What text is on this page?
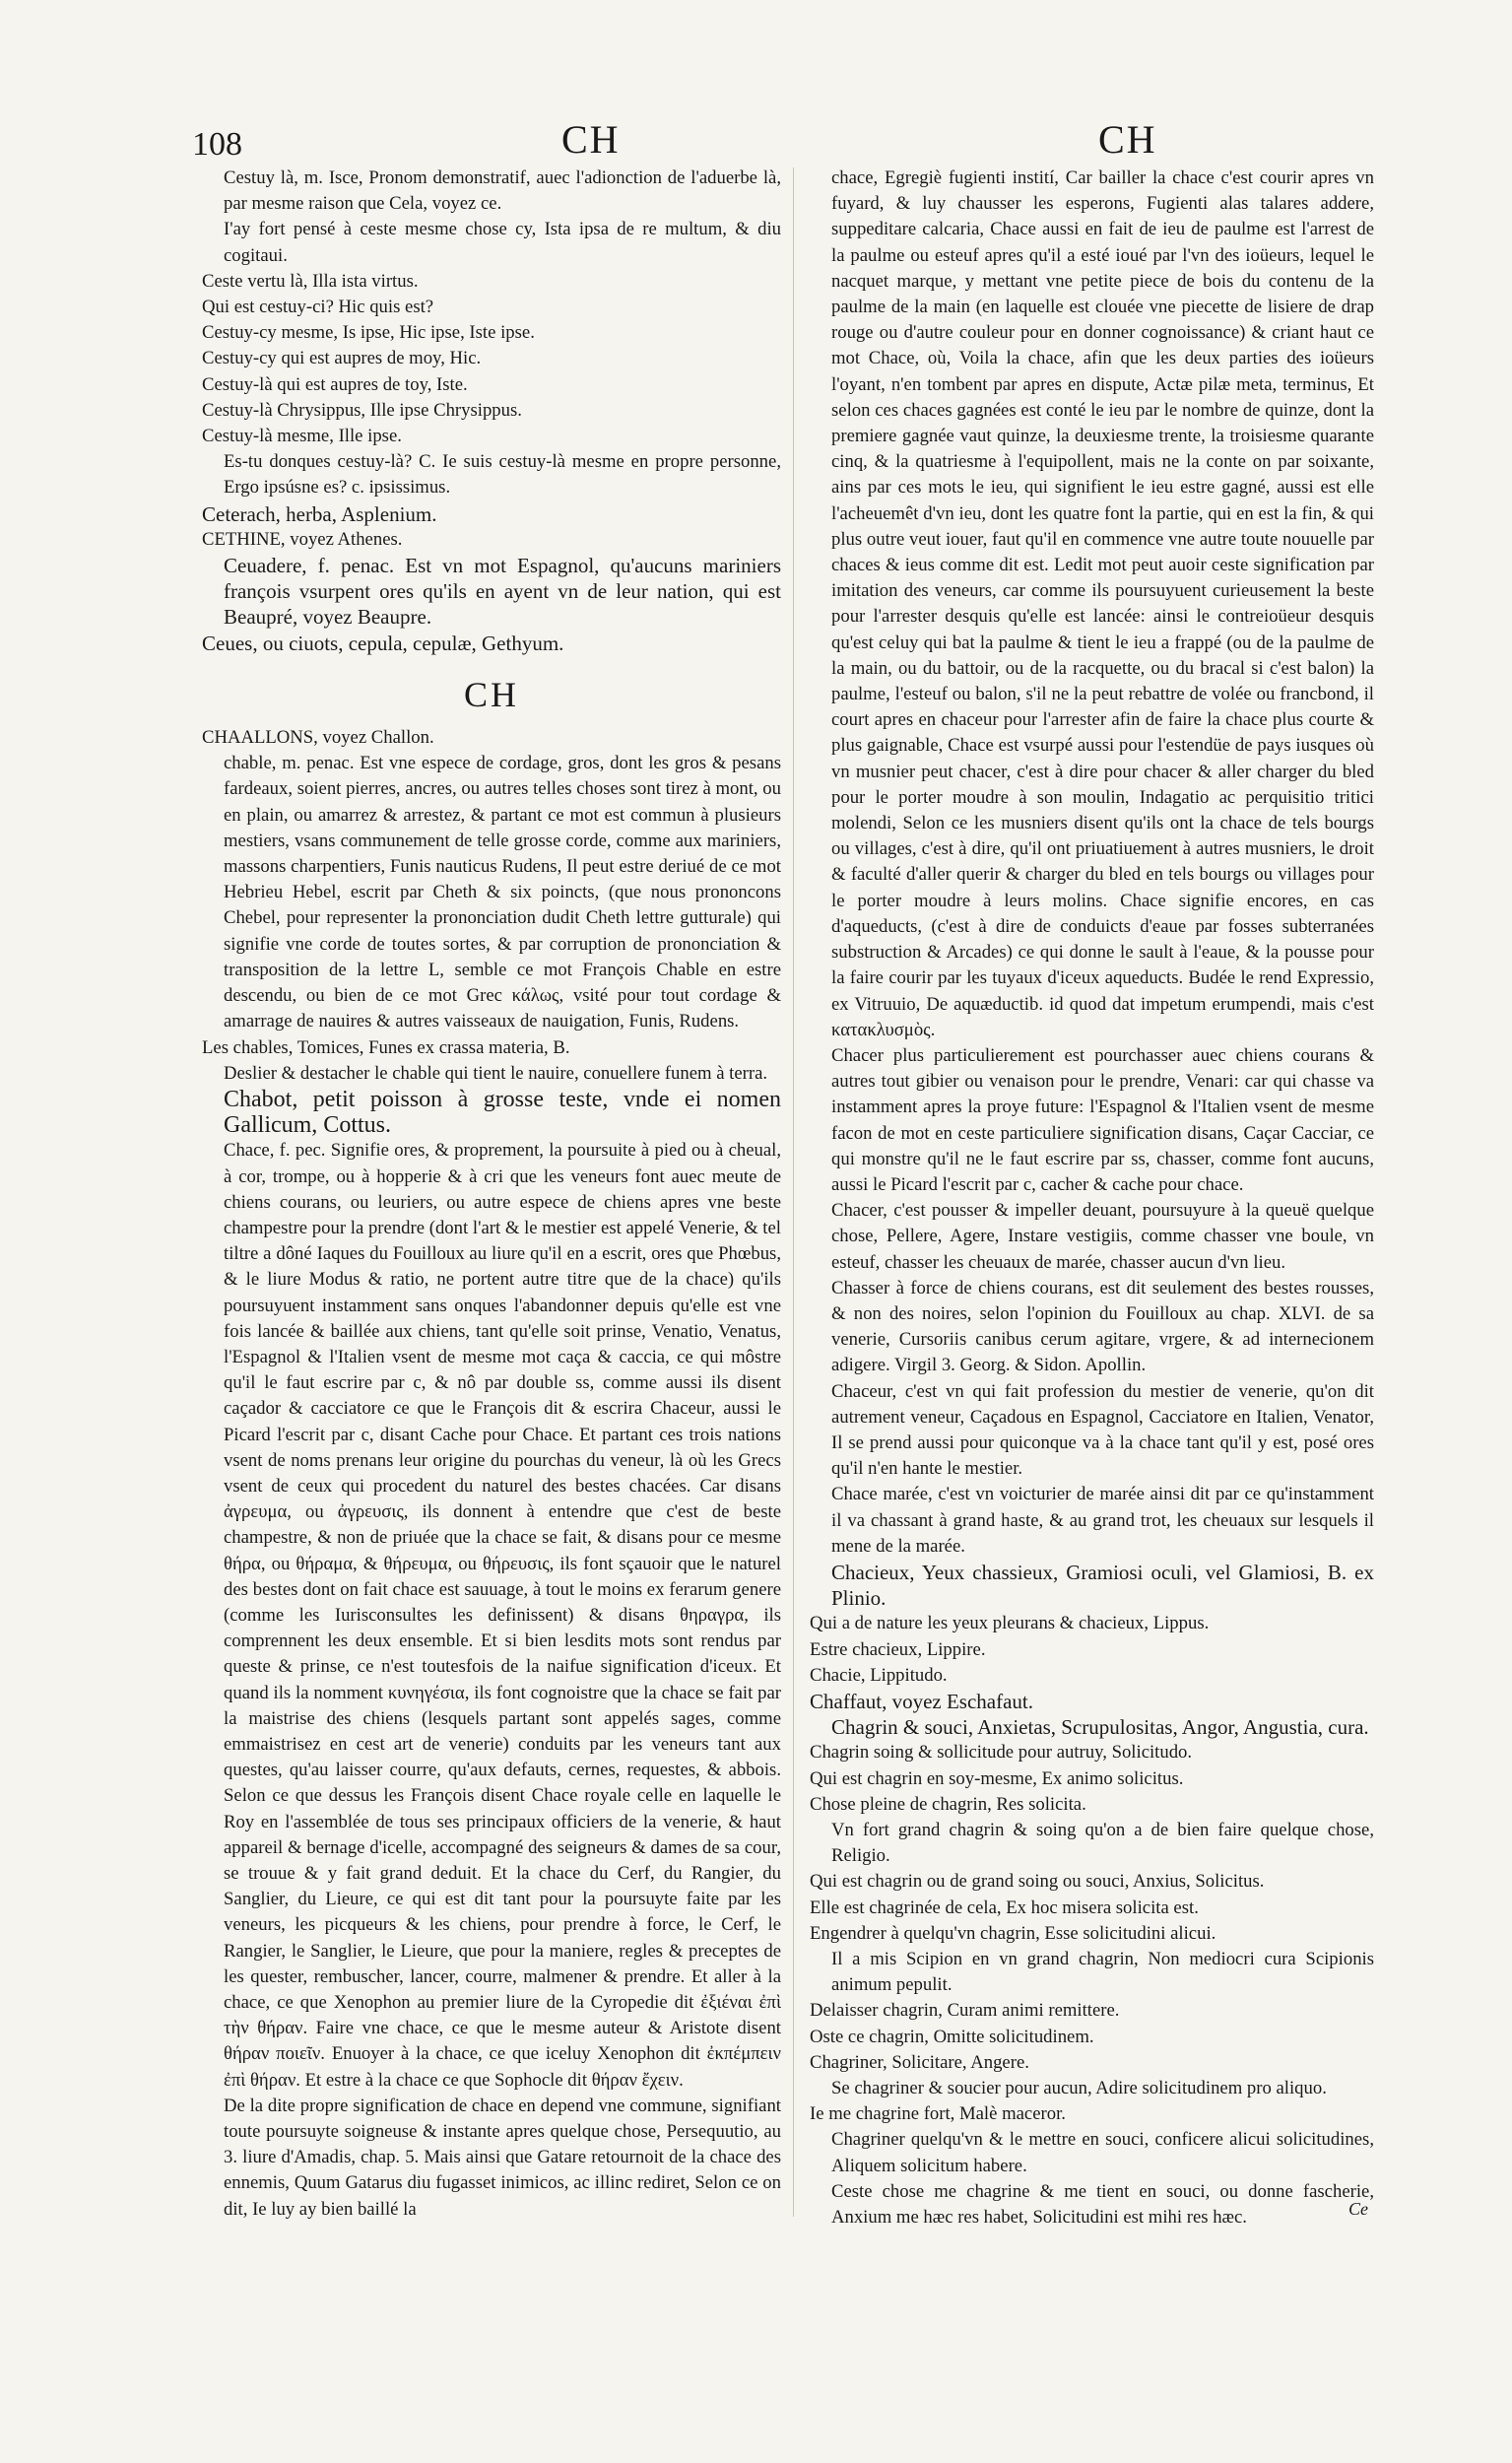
108	CH	CH

Cestuy là, m. Isce, Pronom demonstratif, auec l'adionction de l'aduerbe là, par mesme raison que Cela, voyez ce.

I'ay fort pensé à ceste mesme chose cy, Ista ipsa de re multum, & diu cogitaui.

Ceste vertu là, Illa ista virtus.

Qui est cestuy-ci? Hic quis est?

Cestuy-cy mesme, Is ipse, Hic ipse, Iste ipse.

Cestuy-cy qui est aupres de moy, Hic.

Cestuy-là qui est aupres de toy, Iste.

Cestuy-là Chrysippus, Ille ipse Chrysippus.

Cestuy-là mesme, Ille ipse.

Es-tu donques cestuy-là? C. Ie suis cestuy-là mesme en propre personne, Ergo ipsúsne es? c. ipsissimus.

Ceterach, herba, Asplenium.

CETHINE, voyez Athenes.

Ceuadere, f. penac. Est vn mot Espagnol, qu'aucuns mariniers françois vsurpent ores qu'ils en ayent vn de leur nation, qui est Beaupré, voyez Beaupre.

Ceues, ou ciuots, cepula, cepulæ, Gethyum.

CH

CHAALLONS, voyez Challon.

chable, m. penac. Est vne espece de cordage, gros, dont les gros & pesans fardeaux, soient pierres, ancres, ou autres telles choses sont tirez à mont, ou en plain, ou amarrez & arrestez, & partant ce mot est commun à plusieurs mestiers, vsans communement de telle grosse corde, comme aux mariniers, massons charpentiers, Funis nauticus Rudens, Il peut estre deriué de ce mot Hebrieu Hebel, escrit par Cheth & six poincts, (que nous prononcons Chebel, pour representer la prononciation dudit Cheth lettre gutturale) qui signifie vne corde de toutes sortes, & par corruption de prononciation & transposition de la lettre L, semble ce mot François Chable en estre descendu, ou bien de ce mot Grec κάλως, vsité pour tout cordage & amarrage de nauires & autres vaisseaux de nauigation, Funis, Rudens.

Les chables, Tomices, Funes ex crassa materia, B.

Deslier & destacher le chable qui tient le nauire, conuellere funem à terra.

Chabot, petit poisson à grosse teste, vnde ei nomen Gallicum, Cottus.

Chace, f. pec. Signifie ores, & proprement, la poursuite à pied ou à cheual, à cor, trompe, ou à hopperie & à cri que les veneurs font auec meute de chiens courans, ou leuriers, ou autre espece de chiens apres vne beste champestre pour la prendre (dont l'art & le mestier est appelé Venerie, & tel tiltre a dôné Iaques du Fouilloux au liure qu'il en a escrit, ores que Phœbus, & le liure Modus & ratio, ne portent autre titre que de la chace) qu'ils poursuyuent instamment sans onques l'abandonner depuis qu'elle est vne fois lancée & baillée aux chiens, tant qu'elle soit prinse, Venatio, Venatus, l'Espagnol & l'Italien vsent de mesme mot caça & caccia, ce qui môstre qu'il le faut escrire par c, & nô par double ss, comme aussi ils disent caçador & cacciatore ce que le François dit & escrira Chaceur, aussi le Picard l'escrit par c, disant Cache pour Chace. Et partant ces trois nations vsent de noms prenans leur origine du pourchas du veneur, là où les Grecs vsent de ceux qui procedent du naturel des bestes chacées. Car disans ἀγρευμα, ou ἀγρευσις, ils donnent à entendre que c'est de beste champestre, & non de priuée que la chace se fait, & disans pour ce mesme θήρα, ou θήραμα, & θήρευμα, ou θήρευσις, ils font sçauoir que le naturel des bestes dont on fait chace est sauuage, à tout le moins ex ferarum genere (comme les Iurisconsultes les definissent) & disans θηραγρα, ils comprennent les deux ensemble. Et si bien lesdits mots sont rendus par queste & prinse, ce n'est toutesfois de la naifue signification d'iceux. Et quand ils la nomment κυνηγέσια, ils font cognoistre que la chace se fait par la maistrise des chiens (lesquels partant sont appelés sages, comme emmaistrisez en cest art de venerie) conduits par les veneurs tant aux questes, qu'au laisser courre, qu'aux defauts, cernes, requestes, & abbois. Selon ce que dessus les François disent Chace royale celle en laquelle le Roy en l'assemblée de tous ses principaux officiers de la venerie, & haut appareil & bernage d'icelle, accompagné des seigneurs & dames de sa cour, se trouue & y fait grand deduit. Et la chace du Cerf, du Rangier, du Sanglier, du Lieure, ce qui est dit tant pour la poursuyte faite par les veneurs, les picqueurs & les chiens, pour prendre à force, le Cerf, le Rangier, le Sanglier, le Lieure, que pour la maniere, regles & preceptes de les quester, rembuscher, lancer, courre, malmener & prendre. Et aller à la chace, ce que Xenophon au premier liure de la Cyropedie dit ἐξιέναι ἐπὶ τὴν θήραν. Faire vne chace, ce que le mesme auteur & Aristote disent θήραν ποιεῖν. Enuoyer à la chace, ce que iceluy Xenophon dit ἐκπέμπειν ἐπὶ θήραν. Et estre à la chace ce que Sophocle dit θήραν ἔχειν.

De la dite propre signification de chace en depend vne commune, signifiant toute poursuyte soigneuse & instante apres quelque chose, Persequutio, au 3. liure d'Amadis, chap. 5. Mais ainsi que Gatare retournoit de la chace des ennemis, Quum Gatarus diu fugasset inimicos, ac illinc rediret, Selon ce on dit, Ie luy ay bien baillé la

chace, Egregiè fugienti instití, Car bailler la chace c'est courir apres vn fuyard, & luy chausser les esperons, Fugienti alas talares addere, suppeditare calcaria, Chace aussi en fait de ieu de paulme est l'arrest de la paulme ou esteuf apres qu'il a esté ioué par l'vn des ioüeurs, lequel le nacquet marque, y mettant vne petite piece de bois du contenu de la paulme de la main (en laquelle est clouée vne piecette de lisiere de drap rouge ou d'autre couleur pour en donner cognoissance) & criant haut ce mot Chace, où, Voila la chace, afin que les deux parties des ioüeurs l'oyant, n'en tombent par apres en dispute, Actæ pilæ meta, terminus, Et selon ces chaces gagnées est conté le ieu par le nombre de quinze, dont la premiere gagnée vaut quinze, la deuxiesme trente, la troisiesme quarante cinq, & la quatriesme à l'equipollent, mais ne la conte on par soixante, ains par ces mots le ieu, qui signifient le ieu estre gagné, aussi est elle l'acheuemêt d'vn ieu, dont les quatre font la partie, qui en est la fin, & qui plus outre veut iouer, faut qu'il en commence vne autre toute nouuelle par chaces & ieus comme dit est. Ledit mot peut auoir ceste signification par imitation des veneurs, car comme ils poursuyuent curieusement la beste pour l'arrester desquis qu'elle est lancée: ainsi le contreioüeur desquis qu'est celuy qui bat la paulme & tient le ieu a frappé (ou de la paulme de la main, ou du battoir, ou de la racquette, ou du bracal si c'est balon) la paulme, l'esteuf ou balon, s'il ne la peut rebattre de volée ou francbond, il court apres en chaceur pour l'arrester afin de faire la chace plus courte & plus gaignable, Chace est vsurpé aussi pour l'estendüe de pays iusques où vn musnier peut chacer, c'est à dire pour chacer & aller charger du bled pour le porter moudre à son moulin, Indagatio ac perquisitio tritici molendi, Selon ce les musniers disent qu'ils ont la chace de tels bourgs ou villages, c'est à dire, qu'il ont priuatiuement à autres musniers, le droit & faculté d'aller querir & charger du bled en tels bourgs ou villages pour le porter moudre à leurs molins. Chace signifie encores, en cas d'aqueducts, (c'est à dire de conduicts d'eaue par fosses subterranées substruction & Arcades) ce qui donne le sault à l'eaue, & la pousse pour la faire courir par les tuyaux d'iceux aqueducts. Budée le rend Expressio, ex Vitruuio, De aquæductib. id quod dat impetum erumpendi, mais c'est κατακλυσμὸς.

Chacer plus particulierement est pourchasser auec chiens courans & autres tout gibier ou venaison pour le prendre, Venari: car qui chasse va instamment apres la proye future: l'Espagnol & l'Italien vsent de mesme facon de mot en ceste particuliere signification disans, Caçar Cacciar, ce qui monstre qu'il ne le faut escrire par ss, chasser, comme font aucuns, aussi le Picard l'escrit par c, cacher & cache pour chace.

Chacer, c'est pousser & impeller deuant, poursuyure à la queuë quelque chose, Pellere, Agere, Instare vestigiis, comme chasser vne boule, vn esteuf, chasser les cheuaux de marée, chasser aucun d'vn lieu.

Chasser à force de chiens courans, est dit seulement des bestes rousses, & non des noires, selon l'opinion du Fouilloux au chap. XLVI. de sa venerie, Cursoriis canibus cerum agitare, vrgere, & ad internecionem adigere. Virgil 3. Georg. & Sidon. Apollin.

Chaceur, c'est vn qui fait profession du mestier de venerie, qu'on dit autrement veneur, Caçadous en Espagnol, Cacciatore en Italien, Venator, Il se prend aussi pour quiconque va à la chace tant qu'il y est, posé ores qu'il n'en hante le mestier.

Chace marée, c'est vn voicturier de marée ainsi dit par ce qu'instamment il va chassant à grand haste, & au grand trot, les cheuaux sur lesquels il mene de la marée.

Chacieux, Yeux chassieux, Gramiosi oculi, vel Glamiosi, B. ex Plinio.

Qui a de nature les yeux pleurans & chacieux, Lippus.

Estre chacieux, Lippire.

Chacie, Lippitudo.

Chaffaut, voyez Eschafaut.

Chagrin & souci, Anxietas, Scrupulositas, Angor, Angustia, cura.

Chagrin soing & sollicitude pour autruy, Solicitudo.

Qui est chagrin en soy-mesme, Ex animo solicitus.

Chose pleine de chagrin, Res solicita.

Vn fort grand chagrin & soing qu'on a de bien faire quelque chose, Religio.

Qui est chagrin ou de grand soing ou souci, Anxius, Solicitus.

Elle est chagrinée de cela, Ex hoc misera solicita est.

Engendrer à quelqu'vn chagrin, Esse solicitudini alicui.

Il a mis Scipion en vn grand chagrin, Non mediocri cura Scipionis animum pepulit.

Delaisser chagrin, Curam animi remittere.

Oste ce chagrin, Omitte solicitudinem.

Chagriner, Solicitare, Angere.

Se chagriner & soucier pour aucun, Adire solicitudinem pro aliquo.

Ie me chagrine fort, Malè maceror.

Chagriner quelqu'vn & le mettre en souci, conficere alicui solicitudines, Aliquem solicitum habere.

Ceste chose me chagrine & me tient en souci, ou donne fascherie, Anxium me hæc res habet, Solicitudini est mihi res hæc.	Ce
